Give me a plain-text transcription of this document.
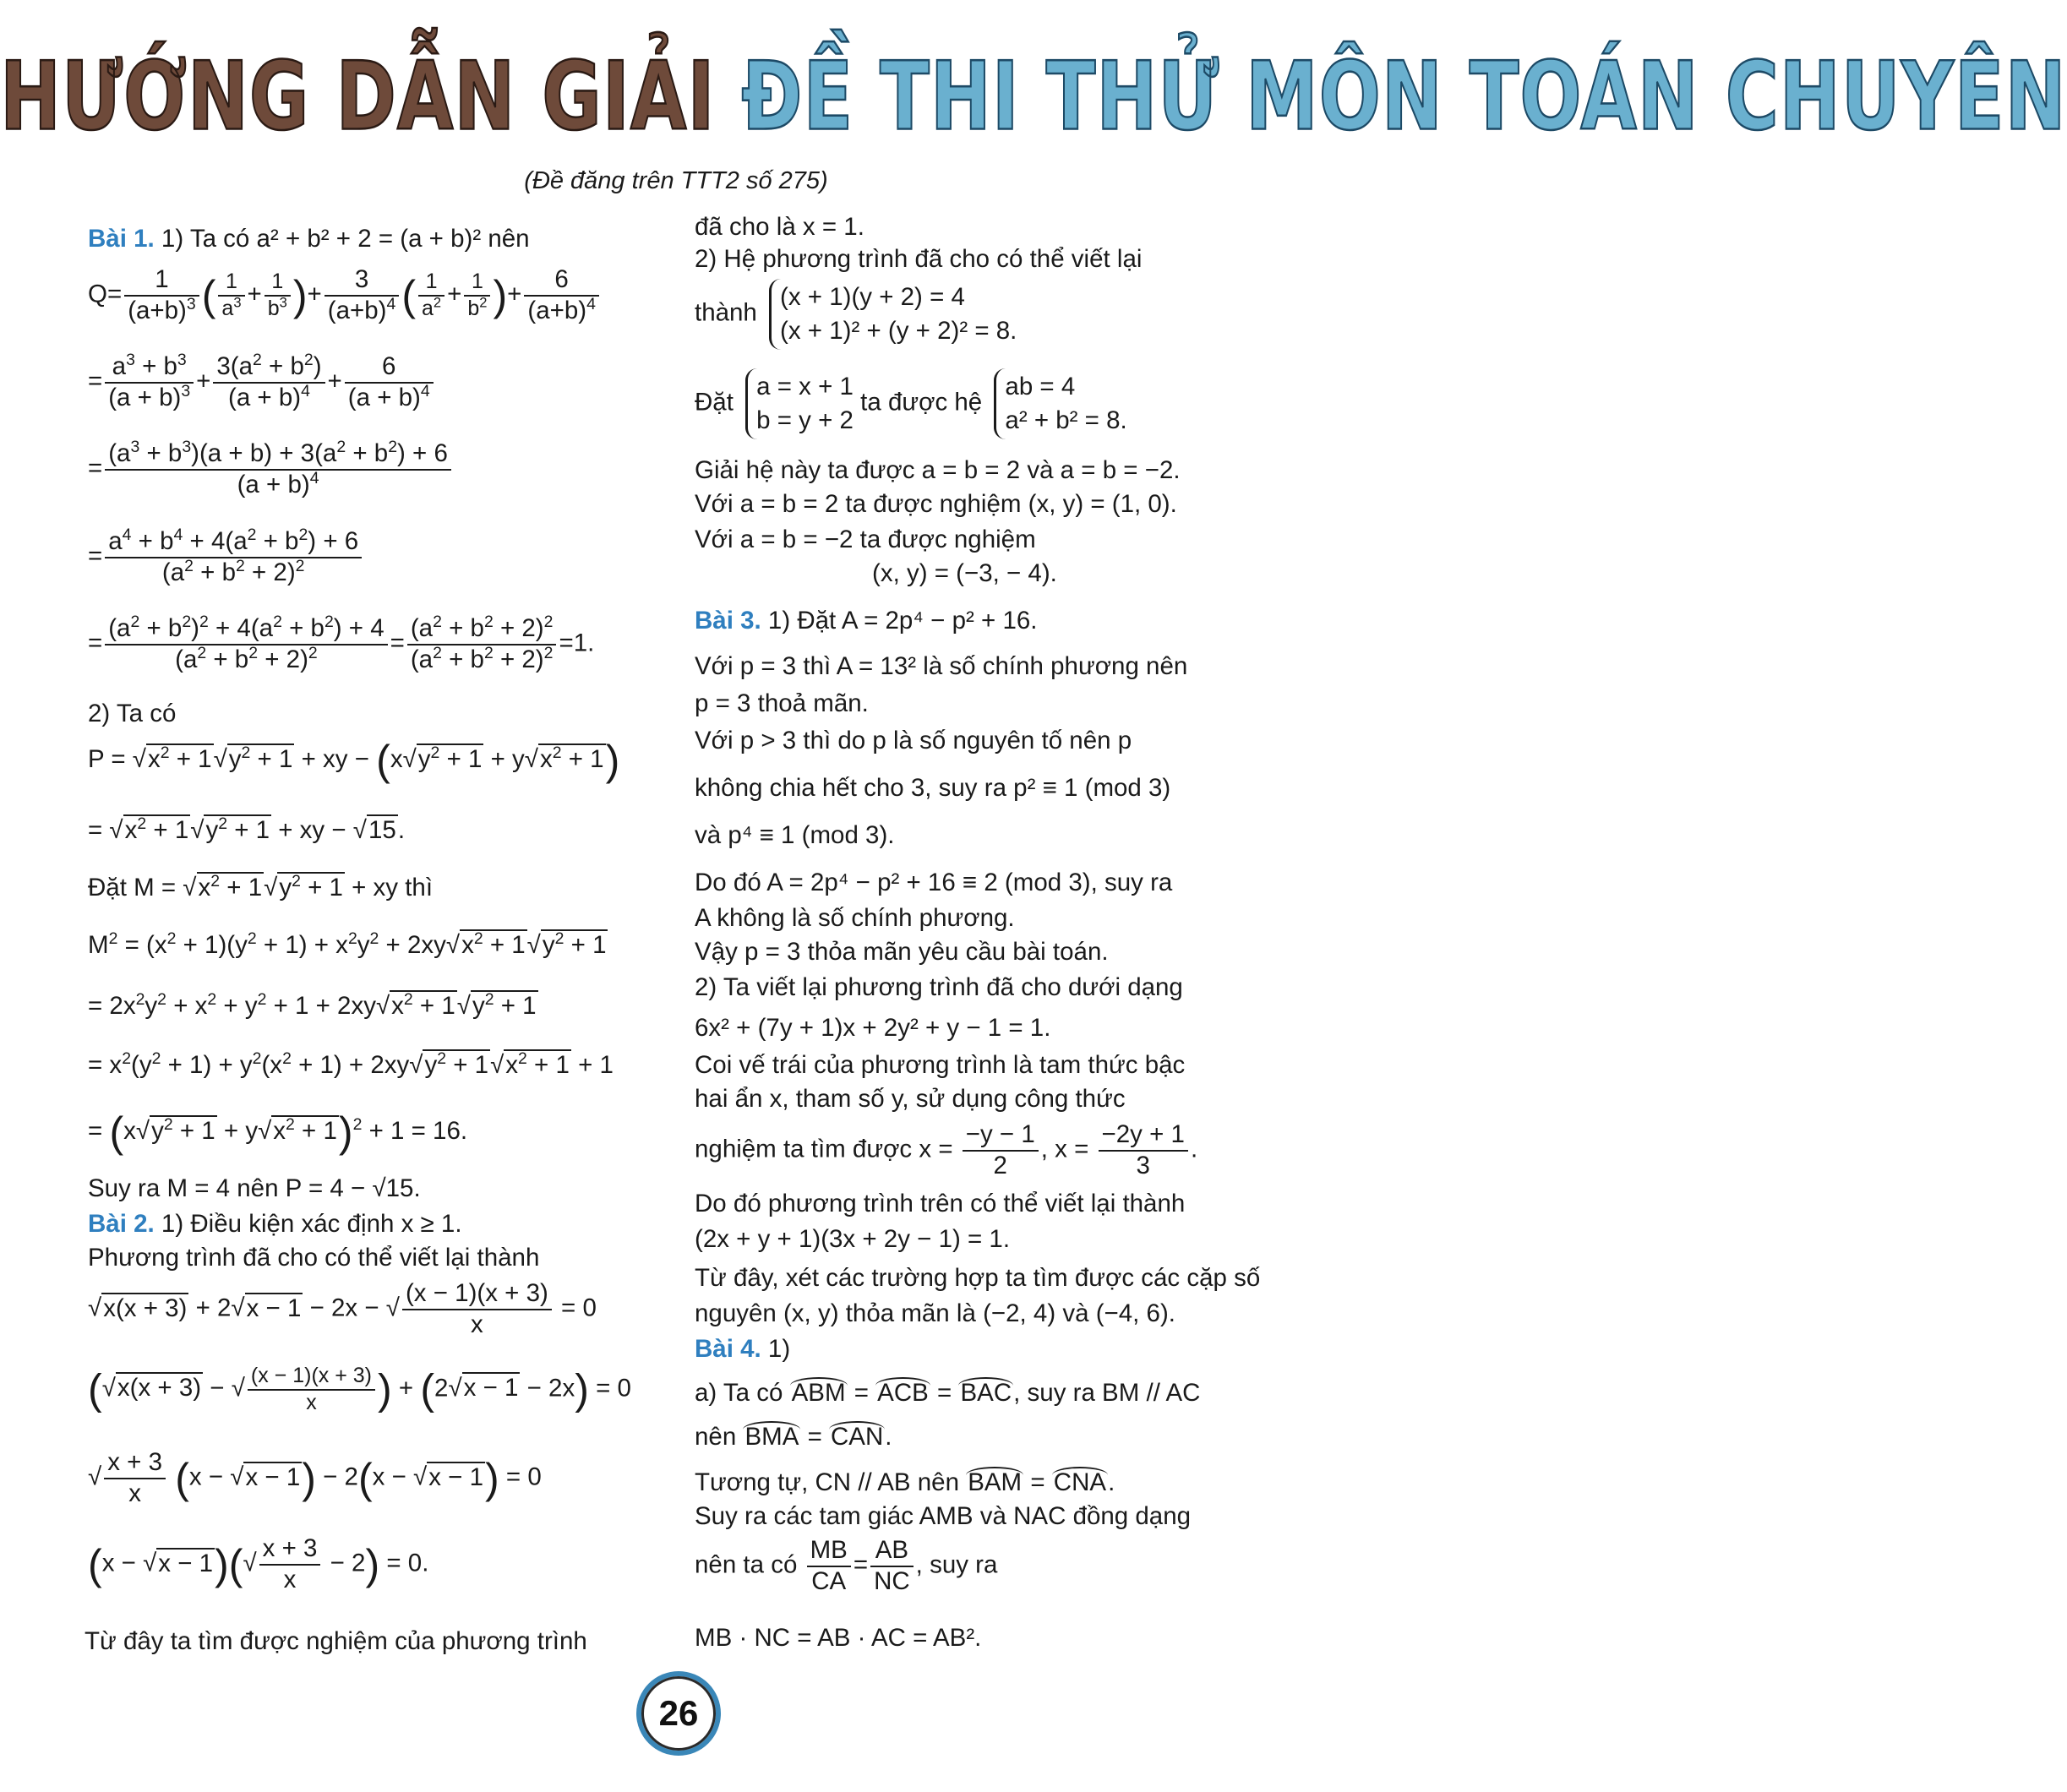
HƯỚNG DẪN GIẢI ĐỀ THI THỬ MÔN TOÁN CHUYÊN
(Đề đăng trên TTT2 số 275)
Bài 1. 1) Ta có a² + b² + 2 = (a + b)² nên
$Q= \frac{1}{(a+b)^3}$ ( $\frac{1}{a^3} + \frac{1}{b^3}$ )+ $\frac{3}{(a+b)^4}$ ( $\frac{1}{a^2} + \frac{1}{b^2}$ )+ $\frac{6}{(a+b)^4}$
= $\frac{a^3 + b^3}{(a + b)^3} + \frac{3(a^2 + b^2)}{(a + b)^4} + \frac{6}{(a + b)^4}$
= $\frac{(a^3 + b^3)(a + b) + 3(a^2 + b^2) + 6}{(a + b)^4}$
= $\frac{a^4 + b^4 + 4(a^2 + b^2) + 6}{(a^2 + b^2 + 2)^2}$
= $\frac{(a^2 + b^2)^2 + 4(a^2 + b^2) + 4}{(a^2 + b^2 + 2)^2} = \frac{(a^2 + b^2 + 2)^2}{(a^2 + b^2 + 2)^2} =1$.
2) Ta có
$P = √x^2 + 1√y^2 + 1$ + xy − $(x√y^2 + 1 + y√x^2 + 1)$
= $√x^2 + 1√y^2 + 1$ + xy − √15.
Đặt $M = √x^2 + 1√y^2 + 1$ + xy thì
$M^2 = (x^2 + 1)(y^2 + 1) + x^2y^2 + 2xy√x^2 + 1√y^2 + 1$
= $2x^2y^2 + x^2 + y^2 + 1 + 2xy√x^2 + 1√y^2 + 1$
= $x^2(y^2 + 1) + y^2(x^2 + 1) + 2xy√y^2 + 1√x^2 + 1 + 1$
= $(x√y^2 + 1 + y√x^2 + 1)^2 + 1 = 16$.
Suy ra M = 4 nên P = 4 − √15.
Bài 2. 1) Điều kiện xác định x ≥ 1.
Phương trình đã cho có thể viết lại thành
√x(x + 3) + 2√x − 1 − 2x − √ $\frac{(x - 1)(x + 3)}{x} = 0$
(√x(x + 3) − √ $\frac{(x - 1)(x + 3)}{x}$ ) + (2√x − 1 − 2x) = 0
√ $\frac{x + 3}{x} (x - √x - 1) - 2(x - √x - 1) = 0$
$(x - √x - 1)(√ \frac{x + 3}{x} - 2) = 0$.
Từ đây ta tìm được nghiệm của phương trình
đã cho là x = 1.
2) Hệ phương trình đã cho có thể viết lại
thành
(x + 1)(y + 2) = 4
(x + 1)² + (y + 2)² = 8.
Đặt
a = x + 1
b = y + 2
ta được hệ
ab = 4
a² + b² = 8.
Giải hệ này ta được a = b = 2 và a = b = −2.
Với a = b = 2 ta được nghiệm (x, y) = (1, 0).
Với a = b = −2 ta được nghiệm
(x, y) = (−3, − 4).
Bài 3. 1) Đặt A = 2p⁴ − p² + 16.
Với p = 3 thì A = 13² là số chính phương nên
p = 3 thoả mãn.
Với p > 3 thì do p là số nguyên tố nên p
không chia hết cho 3, suy ra p² ≡ 1 (mod 3)
và p⁴ ≡ 1 (mod 3).
Do đó A = 2p⁴ − p² + 16 ≡ 2 (mod 3), suy ra
A không là số chính phương.
Vậy p = 3 thỏa mãn yêu cầu bài toán.
2) Ta viết lại phương trình đã cho dưới dạng
6x² + (7y + 1)x + 2y² + y − 1 = 1.
Coi vế trái của phương trình là tam thức bậc
hai ẩn x, tham số y, sử dụng công thức
nghiệm ta tìm được $x = \frac{-y - 1}{2}$ , $x = \frac{-2y + 1}{3}$ .
Do đó phương trình trên có thể viết lại thành
(2x + y + 1)(3x + 2y − 1) = 1.
Từ đây, xét các trường hợp ta tìm được các cặp số
nguyên (x, y) thỏa mãn là (−2, 4) và (−4, 6).
Bài 4. 1)
a) Ta có ABM = ACB = BAC, suy ra BM // AC
nên BMA = CAN.
Tương tự, CN // AB nên BAM = CNA.
Suy ra các tam giác AMB và NAC đồng dạng
nên ta có $\frac{MB}{CA} = \frac{AB}{NC}$ , suy ra
MB · NC = AB · AC = AB².
26
